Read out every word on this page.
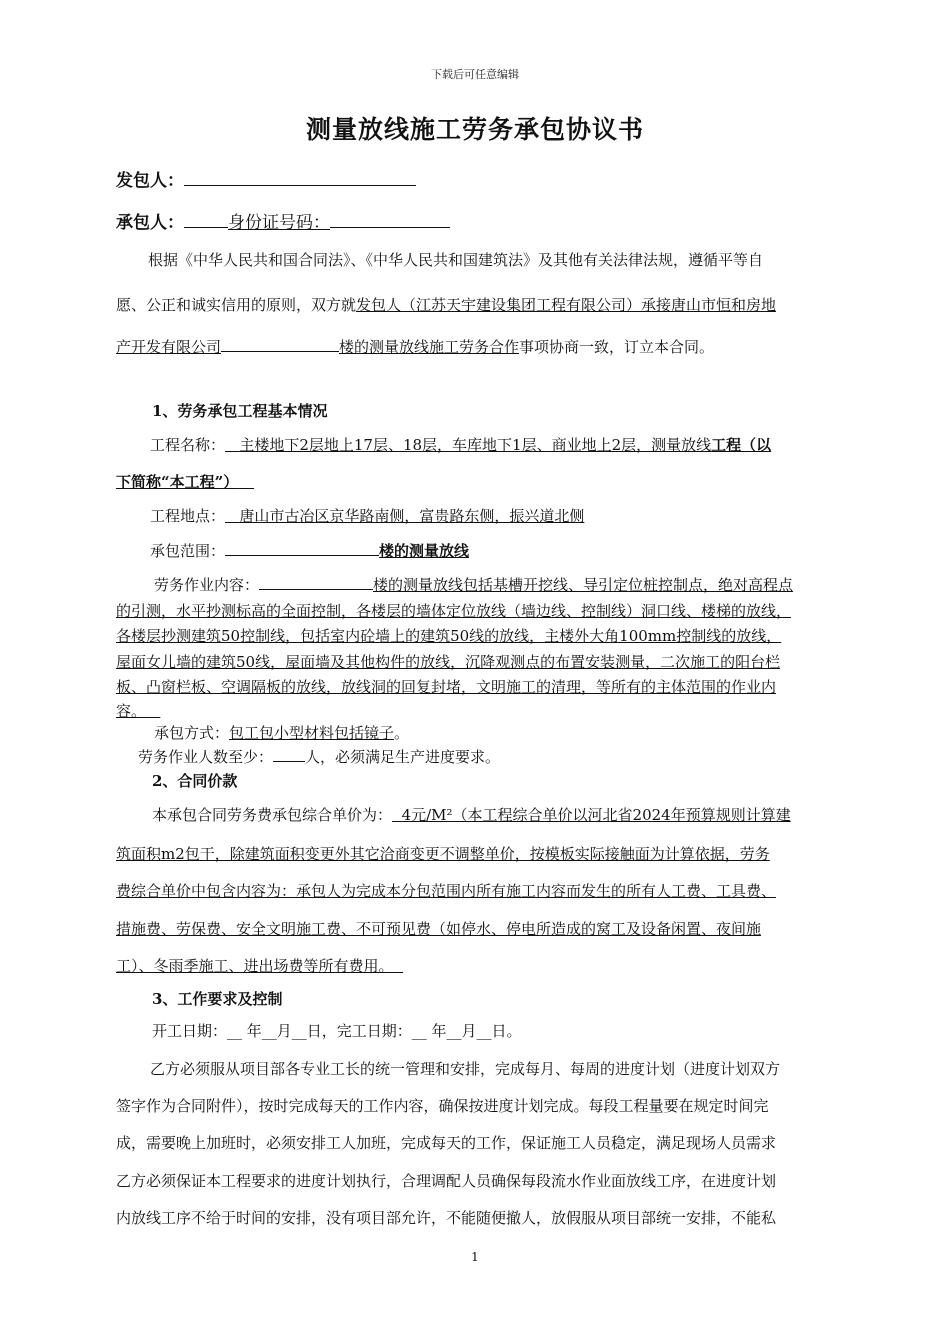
下载后可任意编辑
测量放线施工劳务承包协议书
发包人：
承包人：	身份证号码：
根据《中华人民共和国合同法》、《中华人民共和国建筑法》及其他有关法律法规，遵循平等自
愿、公正和诚实信用的原则，双方就发包人（江苏天宇建设集团工程有限公司）承接唐山市恒和房地
产开发有限公司	楼的测量放线施工劳务合作事项协商一致，订立本合同。
1、劳务承包工程基本情况
工程名称： 主楼地下2层地上17层、18层，车库地下1层、商业地上2层，测量放线工程（以
下简称“本工程”）
工程地点： 唐山市古冶区京华路南侧，富贵路东侧，振兴道北侧
承包范围：	楼的测量放线
劳务作业内容：	楼的测量放线包括基槽开挖线、导引定位桩控制点，绝对高程点
的引测，水平抄测标高的全面控制，各楼层的墙体定位放线（墙边线、控制线）洞口线、楼梯的放线，
各楼层抄测建筑50控制线，包括室内砼墙上的建筑50线的放线，主楼外大角100mm控制线的放线，
屋面女儿墙的建筑50线，屋面墙及其他构件的放线，沉降观测点的布置安装测量，二次施工的阳台栏
板、凸窗栏板、空调隔板的放线，放线洞的回复封堵，文明施工的清理，等所有的主体范围的作业内
容。
承包方式：包工包小型材料包括镜子。
劳务作业人数至少： 人，必须满足生产进度要求。
2、合同价款
本承包合同劳务费承包综合单价为： 4元/M²（本工程综合单价以河北省2024年预算规则计算建
筑面积m2包干，除建筑面积变更外其它洽商变更不调整单价，按模板实际接触面为计算依据，劳务
费综合单价中包含内容为：承包人为完成本分包范围内所有施工内容而发生的所有人工费、工具费、
措施费、劳保费、安全文明施工费、不可预见费（如停水、停电所造成的窝工及设备闲置、夜间施
工）、冬雨季施工、进出场费等所有费用。
3、工作要求及控制
开工日期：__ 年__月__日，完工日期：__ 年__月__日。
乙方必须服从项目部各专业工长的统一管理和安排，完成每月、每周的进度计划（进度计划双方
签字作为合同附件），按时完成每天的工作内容，确保按进度计划完成。每段工程量要在规定时间完
成，需要晚上加班时，必须安排工人加班，完成每天的工作，保证施工人员稳定，满足现场人员需求
乙方必须保证本工程要求的进度计划执行，合理调配人员确保每段流水作业面放线工序，在进度计划
内放线工序不给于时间的安排，没有项目部允许，不能随便撤人，放假服从项目部统一安排，不能私
1
